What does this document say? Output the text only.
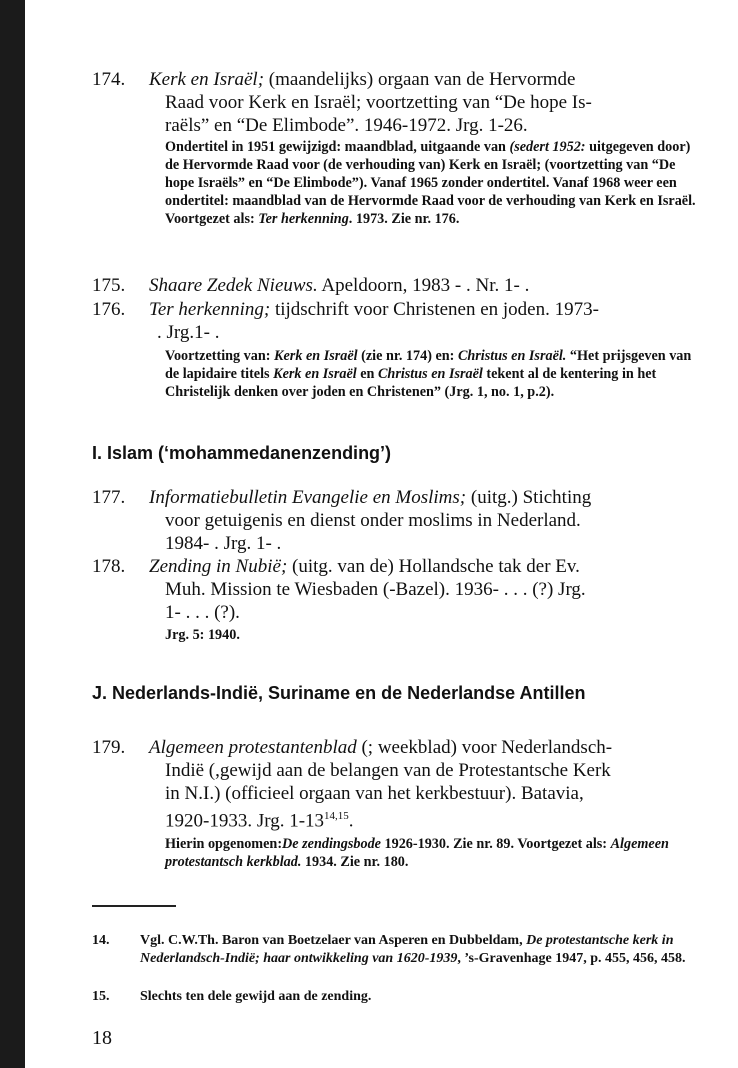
174.	Kerk en Israël; (maandelijks) orgaan van de Hervormde
Raad voor Kerk en Israël; voortzetting van “De hope Is-
raëls” en “De Elimbode”. 1946-1972. Jrg. 1-26.
Ondertitel in 1951 gewijzigd: maandblad, uitgaande van (sedert 1952: uitgegeven door) de Hervormde Raad voor (de verhouding van) Kerk en Israël; (voortzetting van “De hope Israëls” en “De Elimbode”). Vanaf 1965 zonder ondertitel. Vanaf 1968 weer een ondertitel: maandblad van de Hervormde Raad voor de verhouding van Kerk en Israël.
Voortgezet als: Ter herkenning. 1973. Zie nr. 176.
175.	Shaare Zedek Nieuws. Apeldoorn, 1983 - . Nr. 1- .
176.	Ter herkenning; tijdschrift voor Christenen en joden. 1973-
. Jrg.1- .
Voortzetting van: Kerk en Israël (zie nr. 174) en: Christus en Israël. “Het prijsgeven van de lapidaire titels Kerk en Israël en Christus en Israël tekent al de kentering in het Christelijk denken over joden en Christenen” (Jrg. 1, no. 1, p.2).
I. Islam (‘mohammedanenzending’)
177.	Informatiebulletin Evangelie en Moslims; (uitg.) Stichting
voor getuigenis en dienst onder moslims in Nederland.
1984- . Jrg. 1- .
178.	Zending in Nubië; (uitg. van de) Hollandsche tak der Ev.
Muh. Mission te Wiesbaden (-Bazel). 1936- . . . (?) Jrg.
1- . . . (?).
Jrg. 5: 1940.
J. Nederlands-Indië, Suriname en de Nederlandse Antillen
179.	Algemeen protestantenblad (; weekblad) voor Nederlandsch-
Indië (,gewijd aan de belangen van de Protestantsche Kerk
in N.I.) (officieel orgaan van het kerkbestuur). Batavia,
1920-1933. Jrg. 1-13$^{14,15}$.
Hierin opgenomen:De zendingsbode 1926-1930. Zie nr. 89. Voortgezet als: Algemeen protestantsch kerkblad. 1934. Zie nr. 180.
14.	Vgl. C.W.Th. Baron van Boetzelaer van Asperen en Dubbeldam, De protestantsche kerk in Nederlandsch-Indië; haar ontwikkeling van 1620-1939, ’s-Gravenhage 1947, p. 455, 456, 458.
15.	Slechts ten dele gewijd aan de zending.
18
